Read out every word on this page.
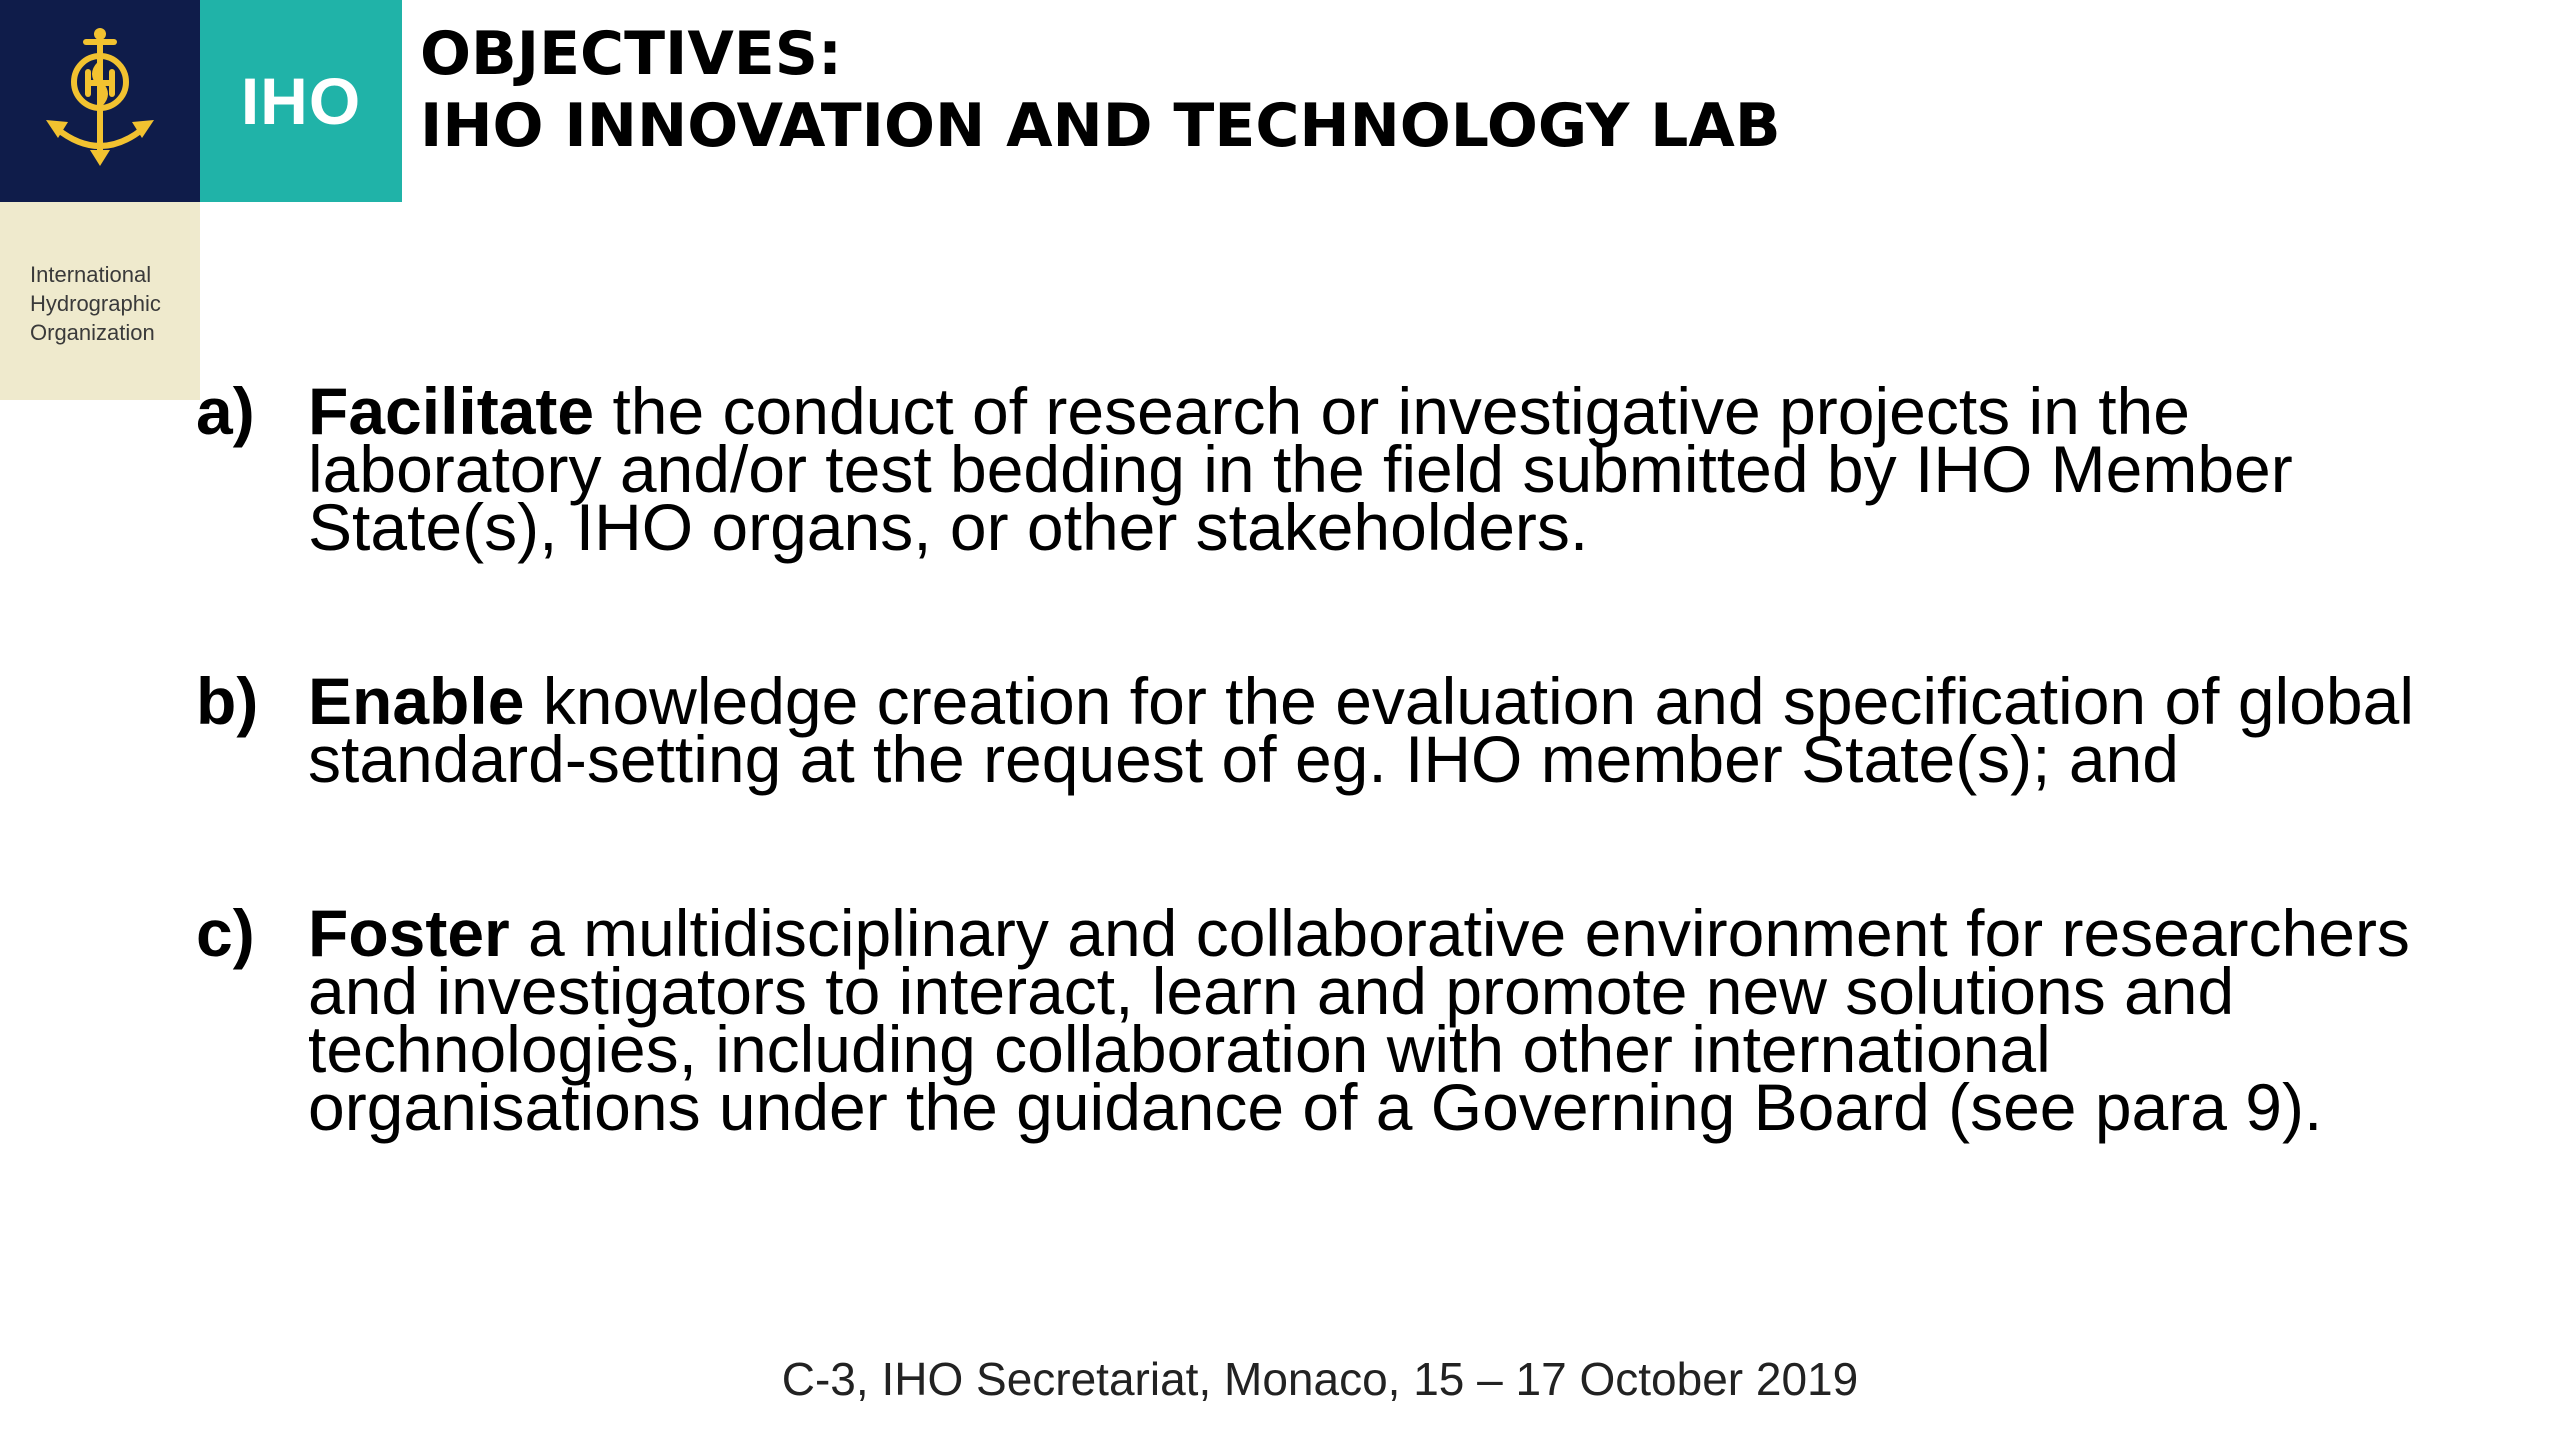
IHO
International
Hydrographic
Organization
OBJECTIVES:
IHO INNOVATION AND TECHNOLOGY LAB
a) Facilitate the conduct of research or investigative projects in the laboratory and/or test bedding in the field submitted by IHO Member State(s), IHO organs, or other stakeholders.
b) Enable knowledge creation for the evaluation and specification of global standard-setting at the request of eg. IHO member State(s); and
c) Foster a multidisciplinary and collaborative environment for researchers and investigators to interact, learn and promote new solutions and technologies, including collaboration with other international organisations under the guidance of a Governing Board (see para 9).
C-3, IHO Secretariat, Monaco, 15 – 17 October 2019
